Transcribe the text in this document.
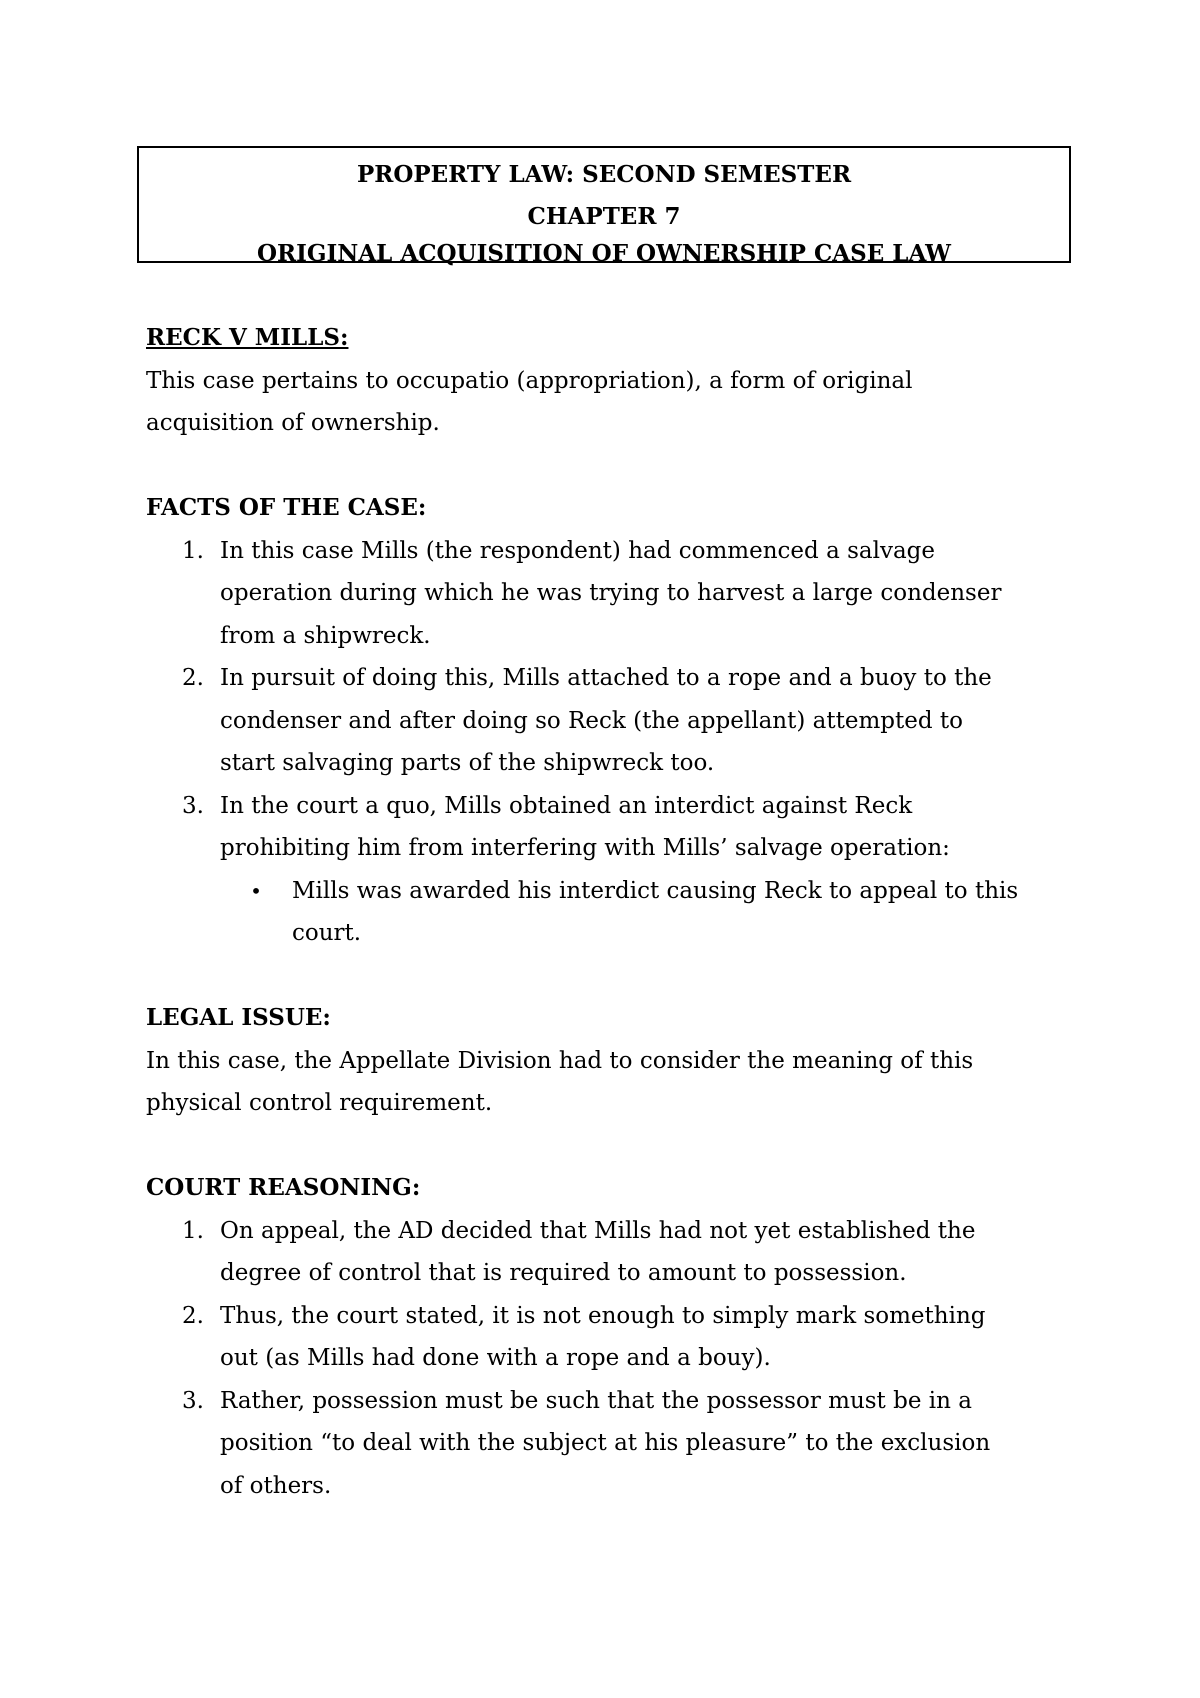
PROPERTY LAW: SECOND SEMESTER
CHAPTER 7
ORIGINAL ACQUISITION OF OWNERSHIP CASE LAW

RECK V MILLS:

This case pertains to occupatio (appropriation), a form of original

acquisition of ownership.

FACTS OF THE CASE:

1. In this case Mills (the respondent) had commenced a salvage
operation during which he was trying to harvest a large condenser
from a shipwreck.
2. In pursuit of doing this, Mills attached to a rope and a buoy to the
condenser and after doing so Reck (the appellant) attempted to
start salvaging parts of the shipwreck too.
3. In the court a quo, Mills obtained an interdict against Reck
prohibiting him from interfering with Mills’ salvage operation:
•	Mills was awarded his interdict causing Reck to appeal to this
court.

LEGAL ISSUE:

In this case, the Appellate Division had to consider the meaning of this

physical control requirement.

COURT REASONING:

1. On appeal, the AD decided that Mills had not yet established the
degree of control that is required to amount to possession.
2. Thus, the court stated, it is not enough to simply mark something
out (as Mills had done with a rope and a bouy).
3. Rather, possession must be such that the possessor must be in a
position “to deal with the subject at his pleasure” to the exclusion
of others.
